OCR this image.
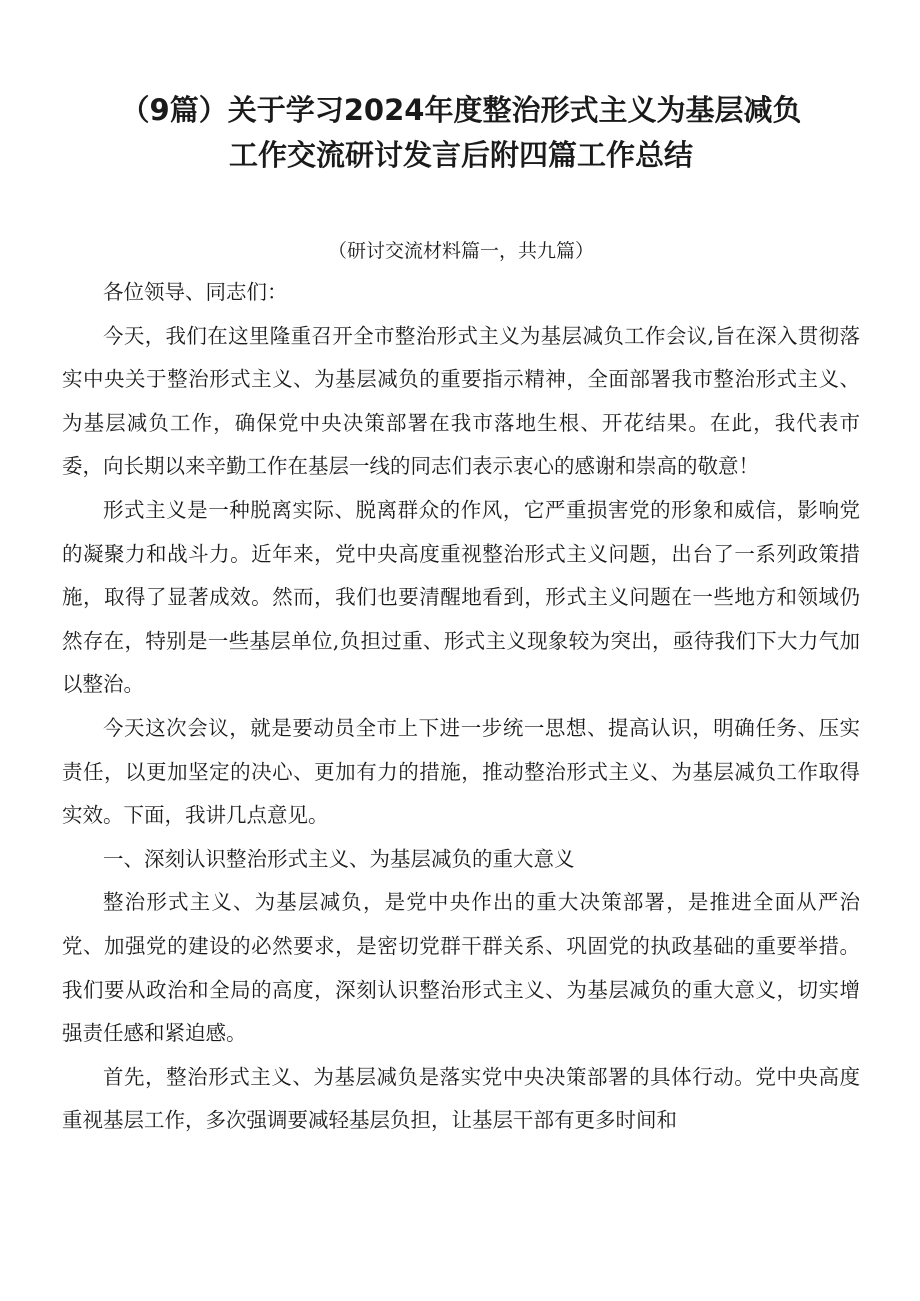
（9篇）关于学习2024年度整治形式主义为基层减负
工作交流研讨发言后附四篇工作总结

（研讨交流材料篇一，共九篇）

各位领导、同志们：

今天，我们在这里隆重召开全市整治形式主义为基层减负工作会议,旨在深入贯彻落实中央关于整治形式主义、为基层减负的重要指示精神，全面部署我市整治形式主义、为基层减负工作，确保党中央决策部署在我市落地生根、开花结果。在此，我代表市委，向长期以来辛勤工作在基层一线的同志们表示衷心的感谢和崇高的敬意！

形式主义是一种脱离实际、脱离群众的作风，它严重损害党的形象和威信，影响党的凝聚力和战斗力。近年来，党中央高度重视整治形式主义问题，出台了一系列政策措施，取得了显著成效。然而，我们也要清醒地看到，形式主义问题在一些地方和领域仍然存在，特别是一些基层单位,负担过重、形式主义现象较为突出，亟待我们下大力气加以整治。

今天这次会议，就是要动员全市上下进一步统一思想、提高认识，明确任务、压实责任，以更加坚定的决心、更加有力的措施，推动整治形式主义、为基层减负工作取得实效。下面，我讲几点意见。

一、深刻认识整治形式主义、为基层减负的重大意义

整治形式主义、为基层减负，是党中央作出的重大决策部署，是推进全面从严治党、加强党的建设的必然要求，是密切党群干群关系、巩固党的执政基础的重要举措。我们要从政治和全局的高度，深刻认识整治形式主义、为基层减负的重大意义，切实增强责任感和紧迫感。

首先，整治形式主义、为基层减负是落实党中央决策部署的具体行动。党中央高度重视基层工作，多次强调要减轻基层负担，让基层干部有更多时间和
